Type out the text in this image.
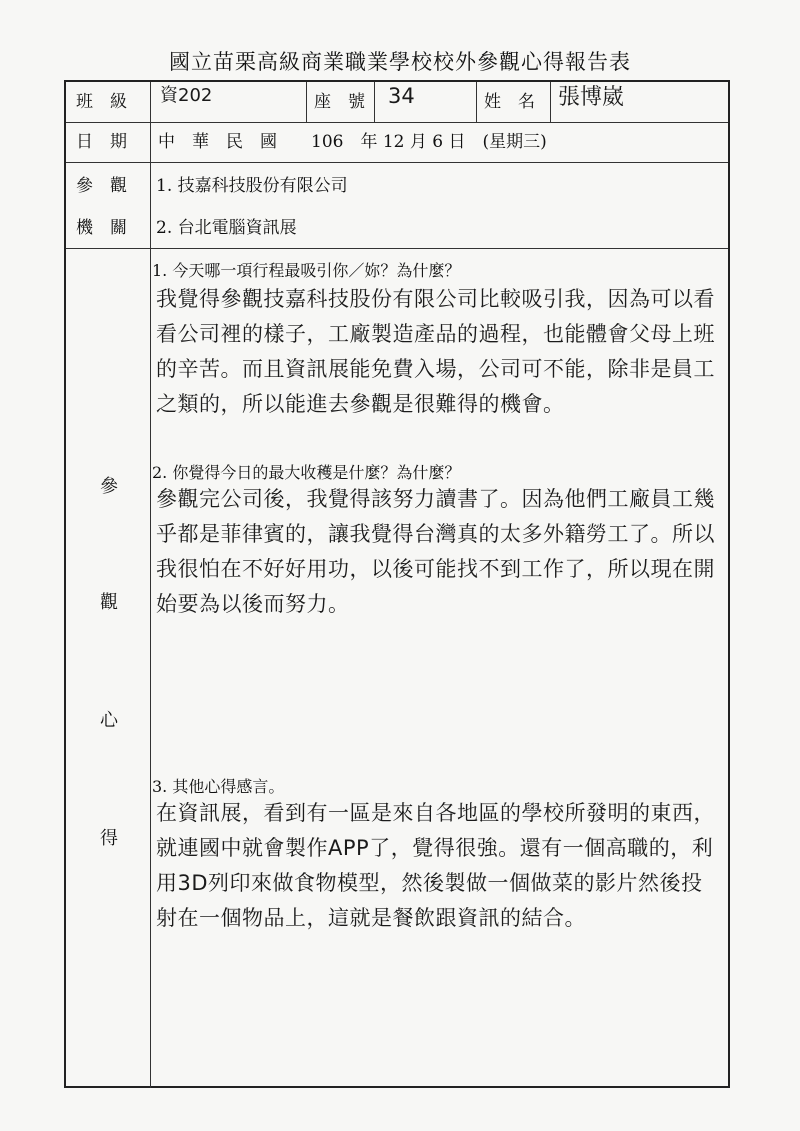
國立苗栗高級商業職業學校校外參觀心得報告表
班　級 資202	座　號 34	姓　名 張博崴
日　期 中　華　民　國　　106　年 12 月 6 日　(星期三)
參　觀
機　關
1. 技嘉科技股份有限公司
2. 台北電腦資訊展
參
觀
心
得
1. 今天哪一項行程最吸引你／妳？為什麼？
我覺得參觀技嘉科技股份有限公司比較吸引我，因為可以看看公司裡的樣子，工廠製造產品的過程，也能體會父母上班的辛苦。而且資訊展能免費入場，公司可不能，除非是員工之類的，所以能進去參觀是很難得的機會。
2. 你覺得今日的最大收穫是什麼？為什麼？
參觀完公司後，我覺得該努力讀書了。因為他們工廠員工幾乎都是菲律賓的，讓我覺得台灣真的太多外籍勞工了。所以我很怕在不好好用功，以後可能找不到工作了，所以現在開始要為以後而努力。
3. 其他心得感言。
在資訊展，看到有一區是來自各地區的學校所發明的東西，就連國中就會製作APP了，覺得很強。還有一個高職的，利用3D列印來做食物模型，然後製做一個做菜的影片然後投射在一個物品上，這就是餐飲跟資訊的結合。
